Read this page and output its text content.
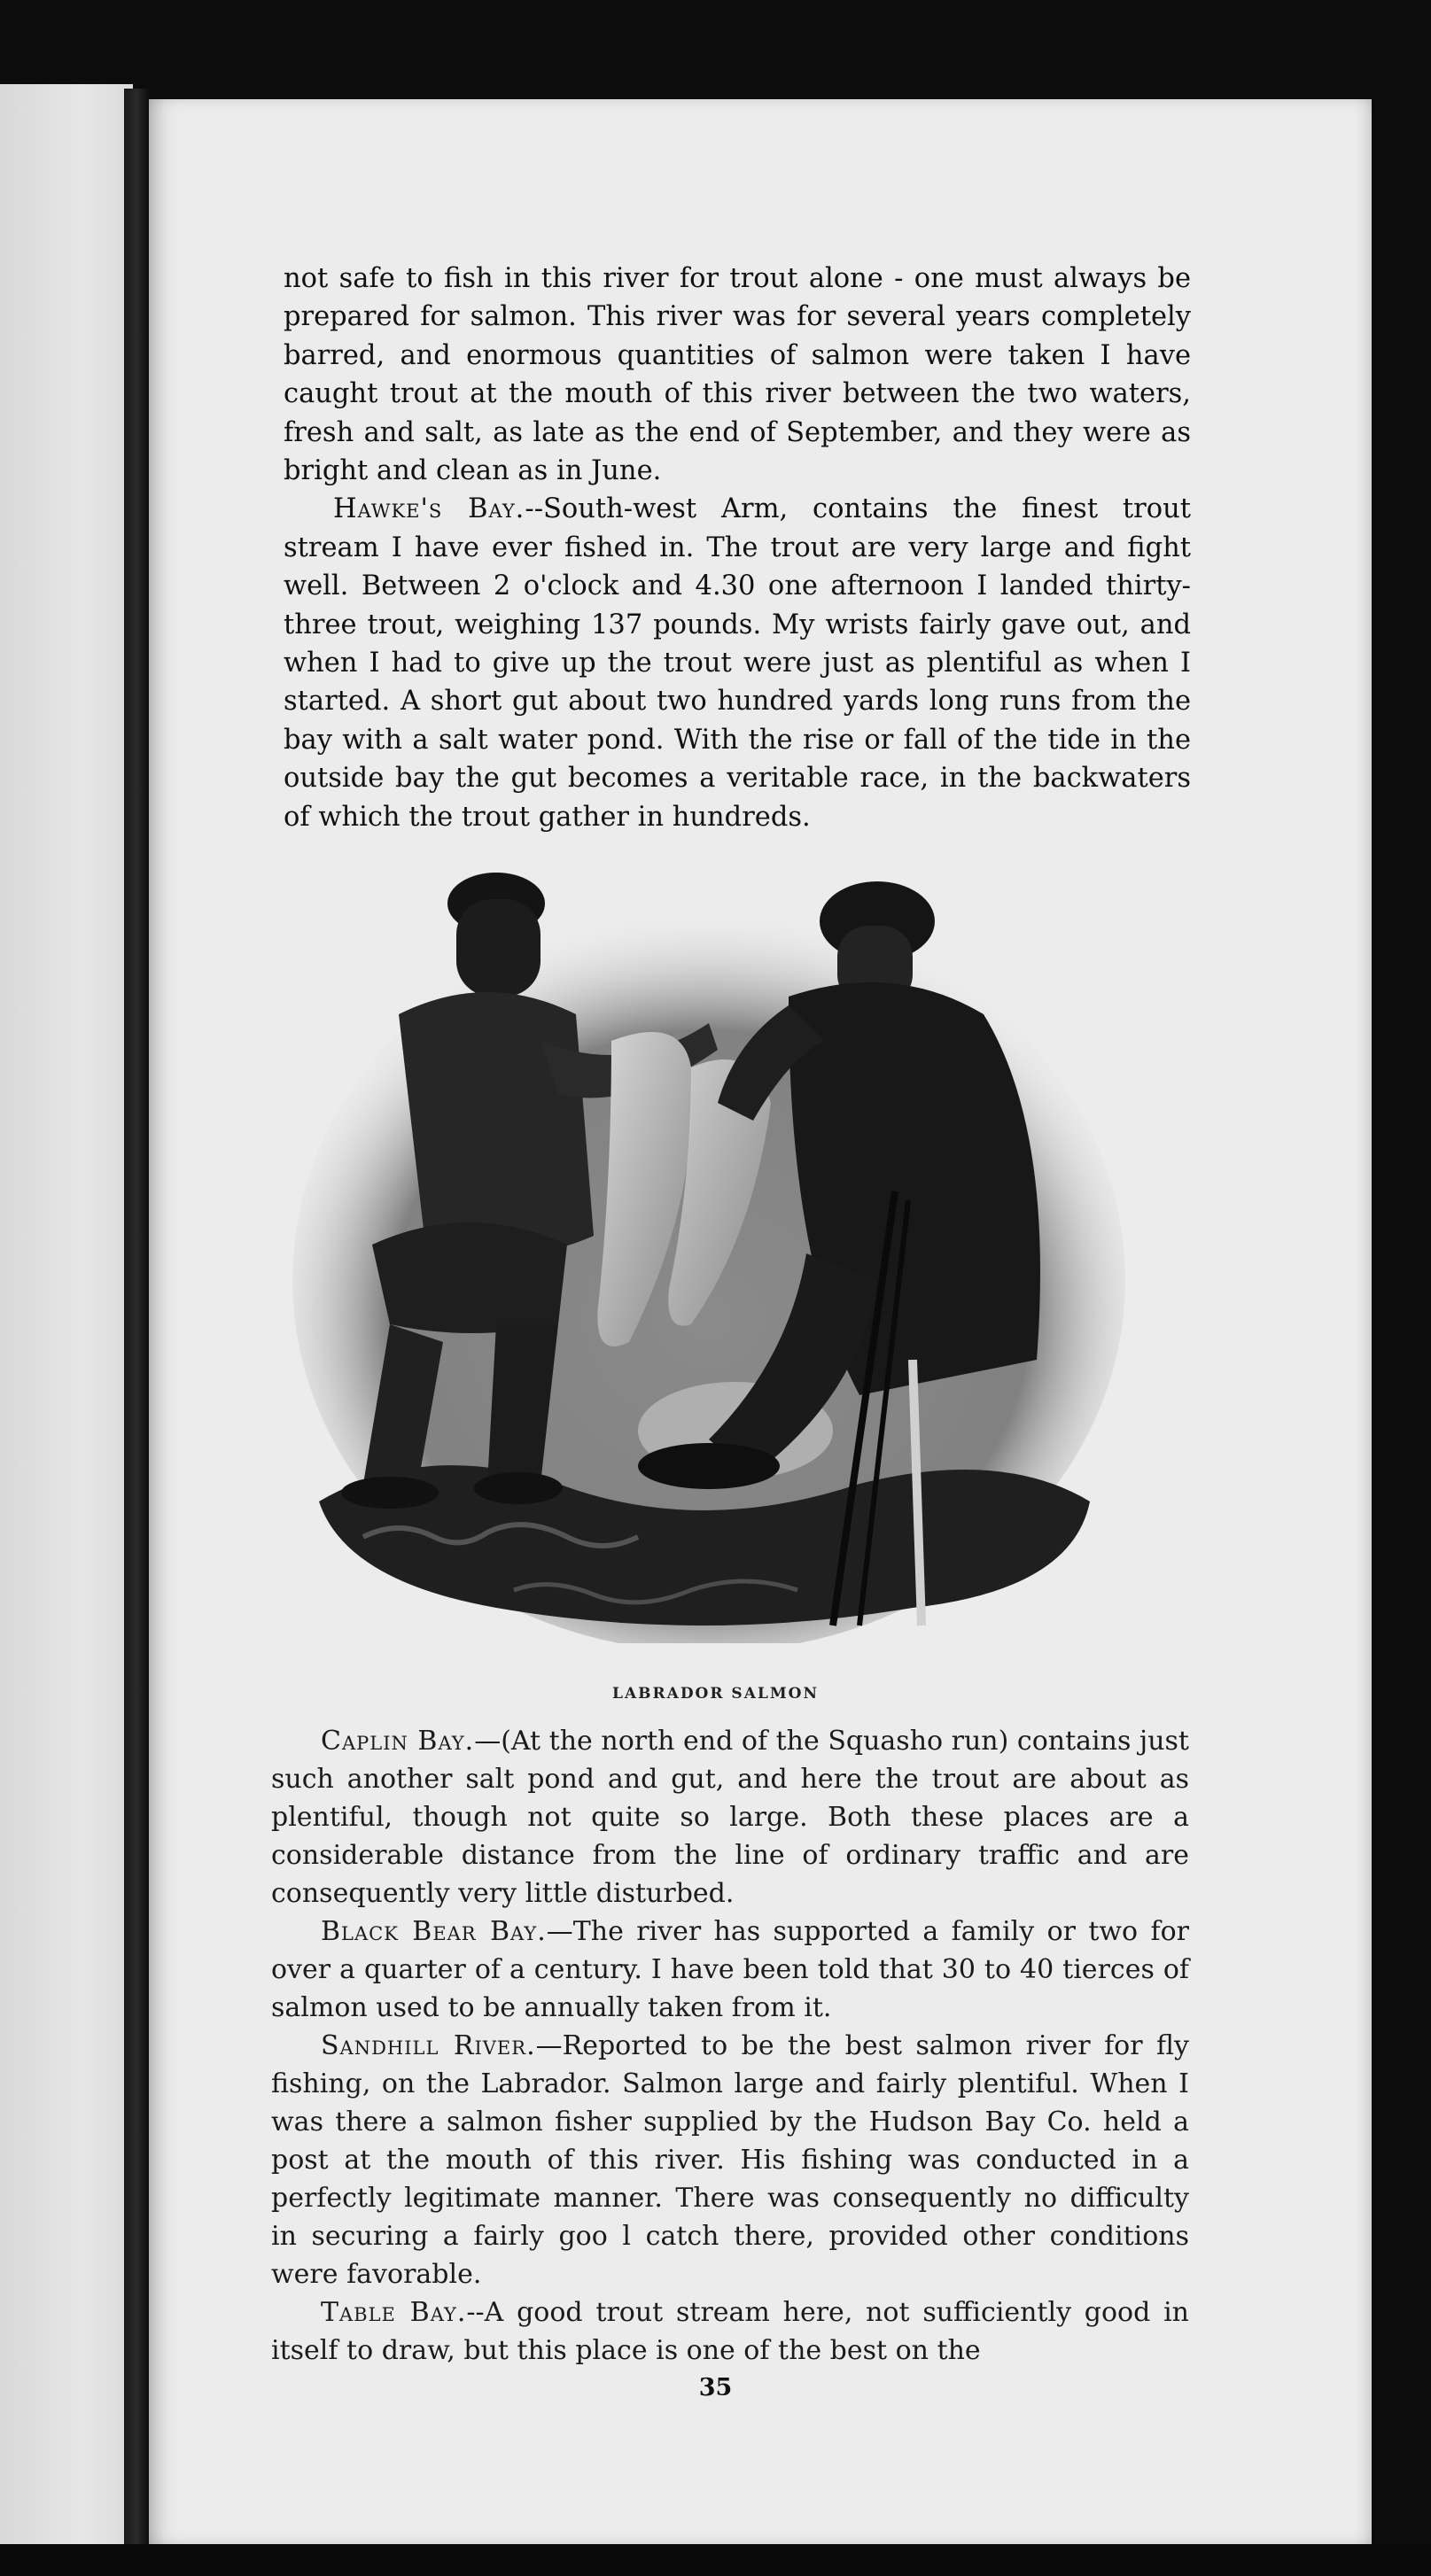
not safe to fish in this river for trout alone - one must always be prepared for salmon. This river was for several years completely barred, and enormous quantities of salmon were taken I have caught trout at the mouth of this river between the two waters, fresh and salt, as late as the end of September, and they were as bright and clean as in June.

Hawke's Bay.--South-west Arm, contains the finest trout stream I have ever fished in. The trout are very large and fight well. Between 2 o'clock and 4.30 one afternoon I landed thirty-three trout, weighing 137 pounds. My wrists fairly gave out, and when I had to give up the trout were just as plentiful as when I started. A short gut about two hundred yards long runs from the bay with a salt water pond. With the rise or fall of the tide in the outside bay the gut becomes a veritable race, in the backwaters of which the trout gather in hundreds.

LABRADOR SALMON

Caplin Bay.—(At the north end of the Squasho run) contains just such another salt pond and gut, and here the trout are about as plentiful, though not quite so large. Both these places are a considerable distance from the line of ordinary traffic and are consequently very little disturbed.

Black Bear Bay.—The river has supported a family or two for over a quarter of a century. I have been told that 30 to 40 tierces of salmon used to be annually taken from it.

Sandhill River.—Reported to be the best salmon river for fly fishing, on the Labrador. Salmon large and fairly plentiful. When I was there a salmon fisher supplied by the Hudson Bay Co. held a post at the mouth of this river. His fishing was conducted in a perfectly legitimate manner. There was consequently no difficulty in securing a fairly goo l catch there, provided other conditions were favorable.

Table Bay.--A good trout stream here, not sufficiently good in itself to draw, but this place is one of the best on the

35
